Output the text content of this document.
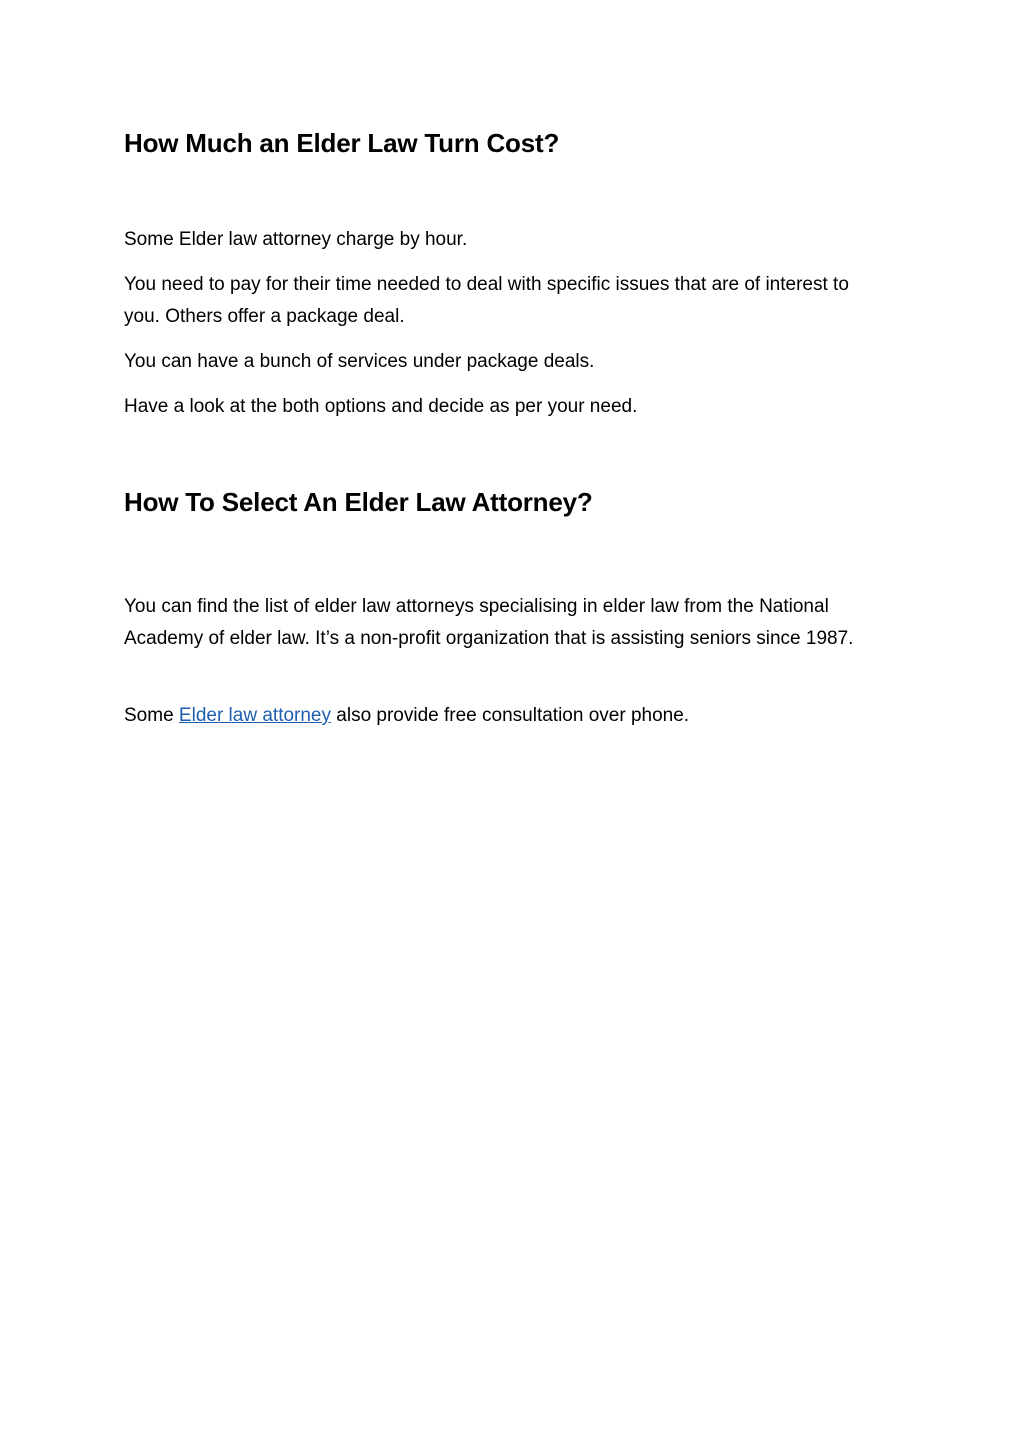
How Much an Elder Law Turn Cost?

Some Elder law attorney charge by hour.

You need to pay for their time needed to deal with specific issues that are of interest to you. Others offer a package deal.

You can have a bunch of services under package deals.

Have a look at the both options and decide as per your need.

How To Select An Elder Law Attorney?

You can find the list of elder law attorneys specialising in elder law from the National Academy of elder law. It’s a non-profit organization that is assisting seniors since 1987.

Some Elder law attorney also provide free consultation over phone.
